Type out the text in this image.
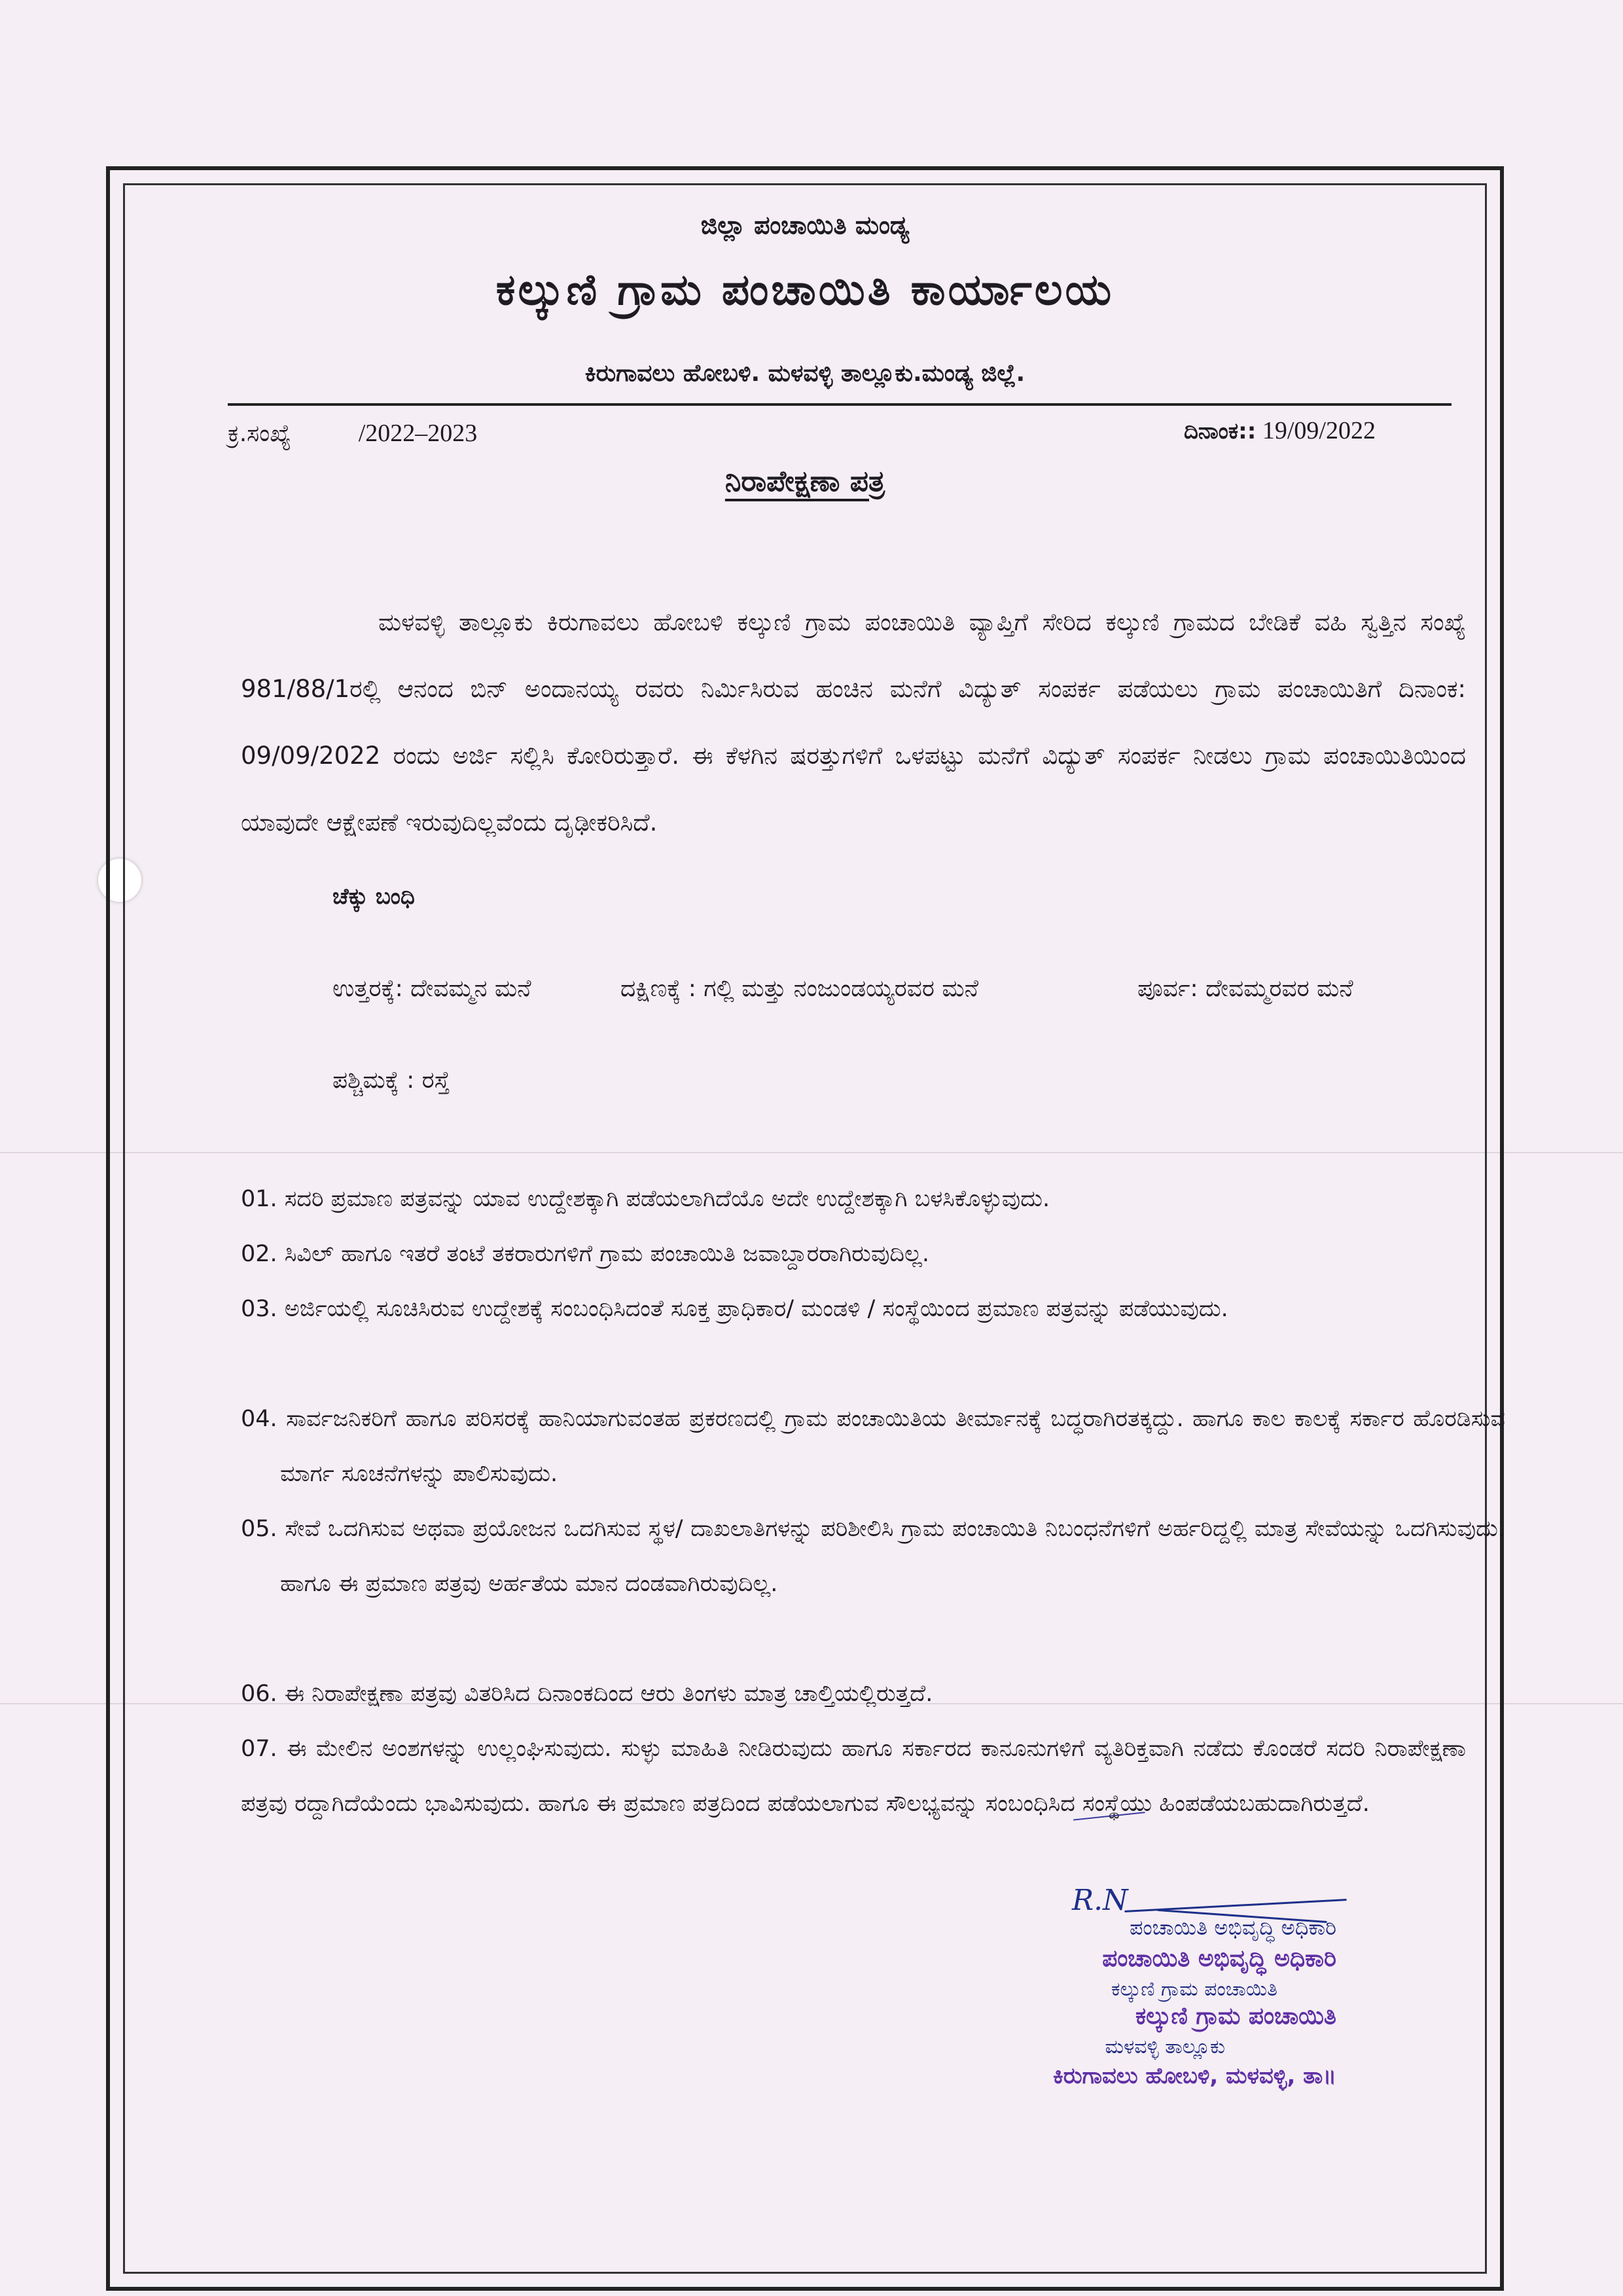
ಜಿಲ್ಲಾ ಪಂಚಾಯಿತಿ ಮಂಡ್ಯ
ಕಲ್ಕುಣಿ ಗ್ರಾಮ ಪಂಚಾಯಿತಿ ಕಾರ್ಯಾಲಯ
ಕಿರುಗಾವಲು ಹೋಬಳಿ. ಮಳವಳ್ಳಿ ತಾಲ್ಲೂಕು.ಮಂಡ್ಯ ಜಿಲ್ಲೆ.
ಕ್ರ.ಸಂಖ್ಯೆ	/2022–2023	ದಿನಾಂಕ:: 19/09/2022
ನಿರಾಪೇಕ್ಷಣಾ ಪತ್ರ
ಮಳವಳ್ಳಿ ತಾಲ್ಲೂಕು ಕಿರುಗಾವಲು ಹೋಬಳಿ ಕಲ್ಕುಣಿ ಗ್ರಾಮ ಪಂಚಾಯಿತಿ ವ್ಯಾಪ್ತಿಗೆ ಸೇರಿದ ಕಲ್ಕುಣಿ ಗ್ರಾಮದ ಬೇಡಿಕೆ ವಹಿ ಸ್ವತ್ತಿನ ಸಂಖ್ಯೆ 981/88/1ರಲ್ಲಿ ಆನಂದ ಬಿನ್ ಅಂದಾನಯ್ಯ ರವರು ನಿರ್ಮಿಸಿರುವ ಹಂಚಿನ ಮನೆಗೆ ವಿದ್ಯುತ್ ಸಂಪರ್ಕ ಪಡೆಯಲು ಗ್ರಾಮ ಪಂಚಾಯಿತಿಗೆ ದಿನಾಂಕ: 09/09/2022 ರಂದು ಅರ್ಜಿ ಸಲ್ಲಿಸಿ ಕೋರಿರುತ್ತಾರೆ. ಈ ಕೆಳಗಿನ ಷರತ್ತುಗಳಿಗೆ ಒಳಪಟ್ಟು ಮನೆಗೆ ವಿದ್ಯುತ್ ಸಂಪರ್ಕ ನೀಡಲು ಗ್ರಾಮ ಪಂಚಾಯಿತಿಯಿಂದ ಯಾವುದೇ ಆಕ್ಷೇಪಣೆ ಇರುವುದಿಲ್ಲವೆಂದು ದೃಢೀಕರಿಸಿದೆ.
ಚೆಕ್ಕು ಬಂಧಿ
ಉತ್ತರಕ್ಕೆ: ದೇವಮ್ಮನ ಮನೆ	ದಕ್ಷಿಣಕ್ಕೆ : ಗಲ್ಲಿ ಮತ್ತು ನಂಜುಂಡಯ್ಯರವರ ಮನೆ	ಪೂರ್ವ: ದೇವಮ್ಮರವರ ಮನೆ
ಪಶ್ಚಿಮಕ್ಕೆ : ರಸ್ತೆ
01. ಸದರಿ ಪ್ರಮಾಣ ಪತ್ರವನ್ನು ಯಾವ ಉದ್ದೇಶಕ್ಕಾಗಿ ಪಡೆಯಲಾಗಿದೆಯೊ ಅದೇ ಉದ್ದೇಶಕ್ಕಾಗಿ ಬಳಸಿಕೊಳ್ಳುವುದು.
02. ಸಿವಿಲ್ ಹಾಗೂ ಇತರೆ ತಂಟೆ ತಕರಾರುಗಳಿಗೆ ಗ್ರಾಮ ಪಂಚಾಯಿತಿ ಜವಾಬ್ದಾರರಾಗಿರುವುದಿಲ್ಲ.
03. ಅರ್ಜಿಯಲ್ಲಿ ಸೂಚಿಸಿರುವ ಉದ್ದೇಶಕ್ಕೆ ಸಂಬಂಧಿಸಿದಂತೆ ಸೂಕ್ತ ಪ್ರಾಧಿಕಾರ/ ಮಂಡಳಿ / ಸಂಸ್ಥೆಯಿಂದ ಪ್ರಮಾಣ ಪತ್ರವನ್ನು ಪಡೆಯುವುದು.
04. ಸಾರ್ವಜನಿಕರಿಗೆ ಹಾಗೂ ಪರಿಸರಕ್ಕೆ ಹಾನಿಯಾಗುವಂತಹ ಪ್ರಕರಣದಲ್ಲಿ ಗ್ರಾಮ ಪಂಚಾಯಿತಿಯ ತೀರ್ಮಾನಕ್ಕೆ ಬದ್ಧರಾಗಿರತಕ್ಕದ್ದು. ಹಾಗೂ ಕಾಲ ಕಾಲಕ್ಕೆ ಸರ್ಕಾರ ಹೊರಡಿಸುವ ಮಾರ್ಗ ಸೂಚನೆಗಳನ್ನು ಪಾಲಿಸುವುದು.
05. ಸೇವೆ ಒದಗಿಸುವ ಅಥವಾ ಪ್ರಯೋಜನ ಒದಗಿಸುವ ಸ್ಥಳ/ ದಾಖಲಾತಿಗಳನ್ನು ಪರಿಶೀಲಿಸಿ ಗ್ರಾಮ ಪಂಚಾಯಿತಿ ನಿಬಂಧನೆಗಳಿಗೆ ಅರ್ಹರಿದ್ದಲ್ಲಿ ಮಾತ್ರ ಸೇವೆಯನ್ನು ಒದಗಿಸುವುದು. ಹಾಗೂ ಈ ಪ್ರಮಾಣ ಪತ್ರವು ಅರ್ಹತೆಯ ಮಾನ ದಂಡವಾಗಿರುವುದಿಲ್ಲ.
06. ಈ ನಿರಾಪೇಕ್ಷಣಾ ಪತ್ರವು ವಿತರಿಸಿದ ದಿನಾಂಕದಿಂದ ಆರು ತಿಂಗಳು ಮಾತ್ರ ಚಾಲ್ತಿಯಲ್ಲಿರುತ್ತದೆ.
07. ಈ ಮೇಲಿನ ಅಂಶಗಳನ್ನು ಉಲ್ಲಂಘಿಸುವುದು. ಸುಳ್ಳು ಮಾಹಿತಿ ನೀಡಿರುವುದು ಹಾಗೂ ಸರ್ಕಾರದ ಕಾನೂನುಗಳಿಗೆ ವ್ಯತಿರಿಕ್ತವಾಗಿ ನಡೆದು ಕೊಂಡರೆ ಸದರಿ ನಿರಾಪೇಕ್ಷಣಾ ಪತ್ರವು ರದ್ದಾಗಿದೆಯೆಂದು ಭಾವಿಸುವುದು. ಹಾಗೂ ಈ ಪ್ರಮಾಣ ಪತ್ರದಿಂದ ಪಡೆಯಲಾಗುವ ಸೌಲಭ್ಯವನ್ನು ಸಂಬಂಧಿಸಿದ ಸಂಸ್ಥೆಯು ಹಿಂಪಡೆಯಬಹುದಾಗಿರುತ್ತದೆ.
R.N
ಪಂಚಾಯಿತಿ ಅಭಿವೃದ್ಧಿ ಅಧಿಕಾರಿ
ಪಂಚಾಯಿತಿ ಅಭಿವೃದ್ಧಿ ಅಧಿಕಾರಿ
ಕಲ್ಕುಣಿ ಗ್ರಾಮ ಪಂಚಾಯಿತಿ
ಕಲ್ಕುಣಿ ಗ್ರಾಮ ಪಂಚಾಯಿತಿ
ಮಳವಳ್ಳಿ ತಾಲ್ಲೂಕು
ಕಿರುಗಾವಲು ಹೋಬಳಿ, ಮಳವಳ್ಳಿ, ತಾ॥
